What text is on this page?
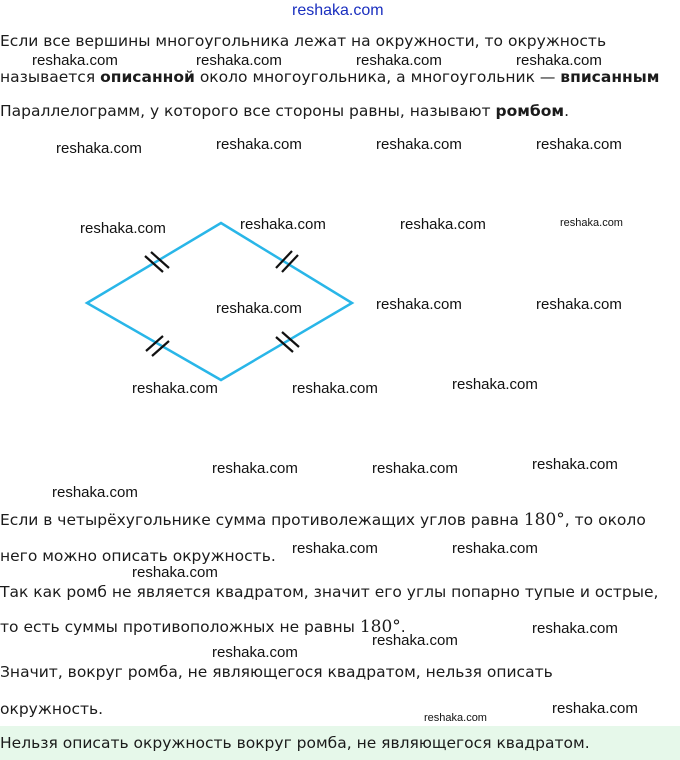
reshaka.com
Если все вершины многоугольника лежат на окружности, то окружность
называется описанной около многоугольника, а многоугольник — вписанным
reshaka.com	reshaka.com	reshaka.com	reshaka.com
Параллелограмм, у которого все стороны равны, называют ромбом.
reshaka.com	reshaka.com	reshaka.com	reshaka.com
reshaka.com	reshaka.com	reshaka.com	reshaka.com
reshaka.com	reshaka.com	reshaka.com
reshaka.com	reshaka.com	reshaka.com
reshaka.com	reshaka.com	reshaka.com
reshaka.com
Если в четырёхугольнике сумма противолежащих углов равна 180°, то около
него можно описать окружность. reshaka.com	reshaka.com
reshaka.com
Так как ромб не является квадратом, значит его углы попарно тупые и острые,
то есть суммы противоположных не равны 180°.
reshaka.com
reshaka.com
reshaka.com
Значит, вокруг ромба, не являющегося квадратом, нельзя описать
окружность.	reshaka.com
reshaka.com
Нельзя описать окружность вокруг ромба, не являющегося квадратом.
